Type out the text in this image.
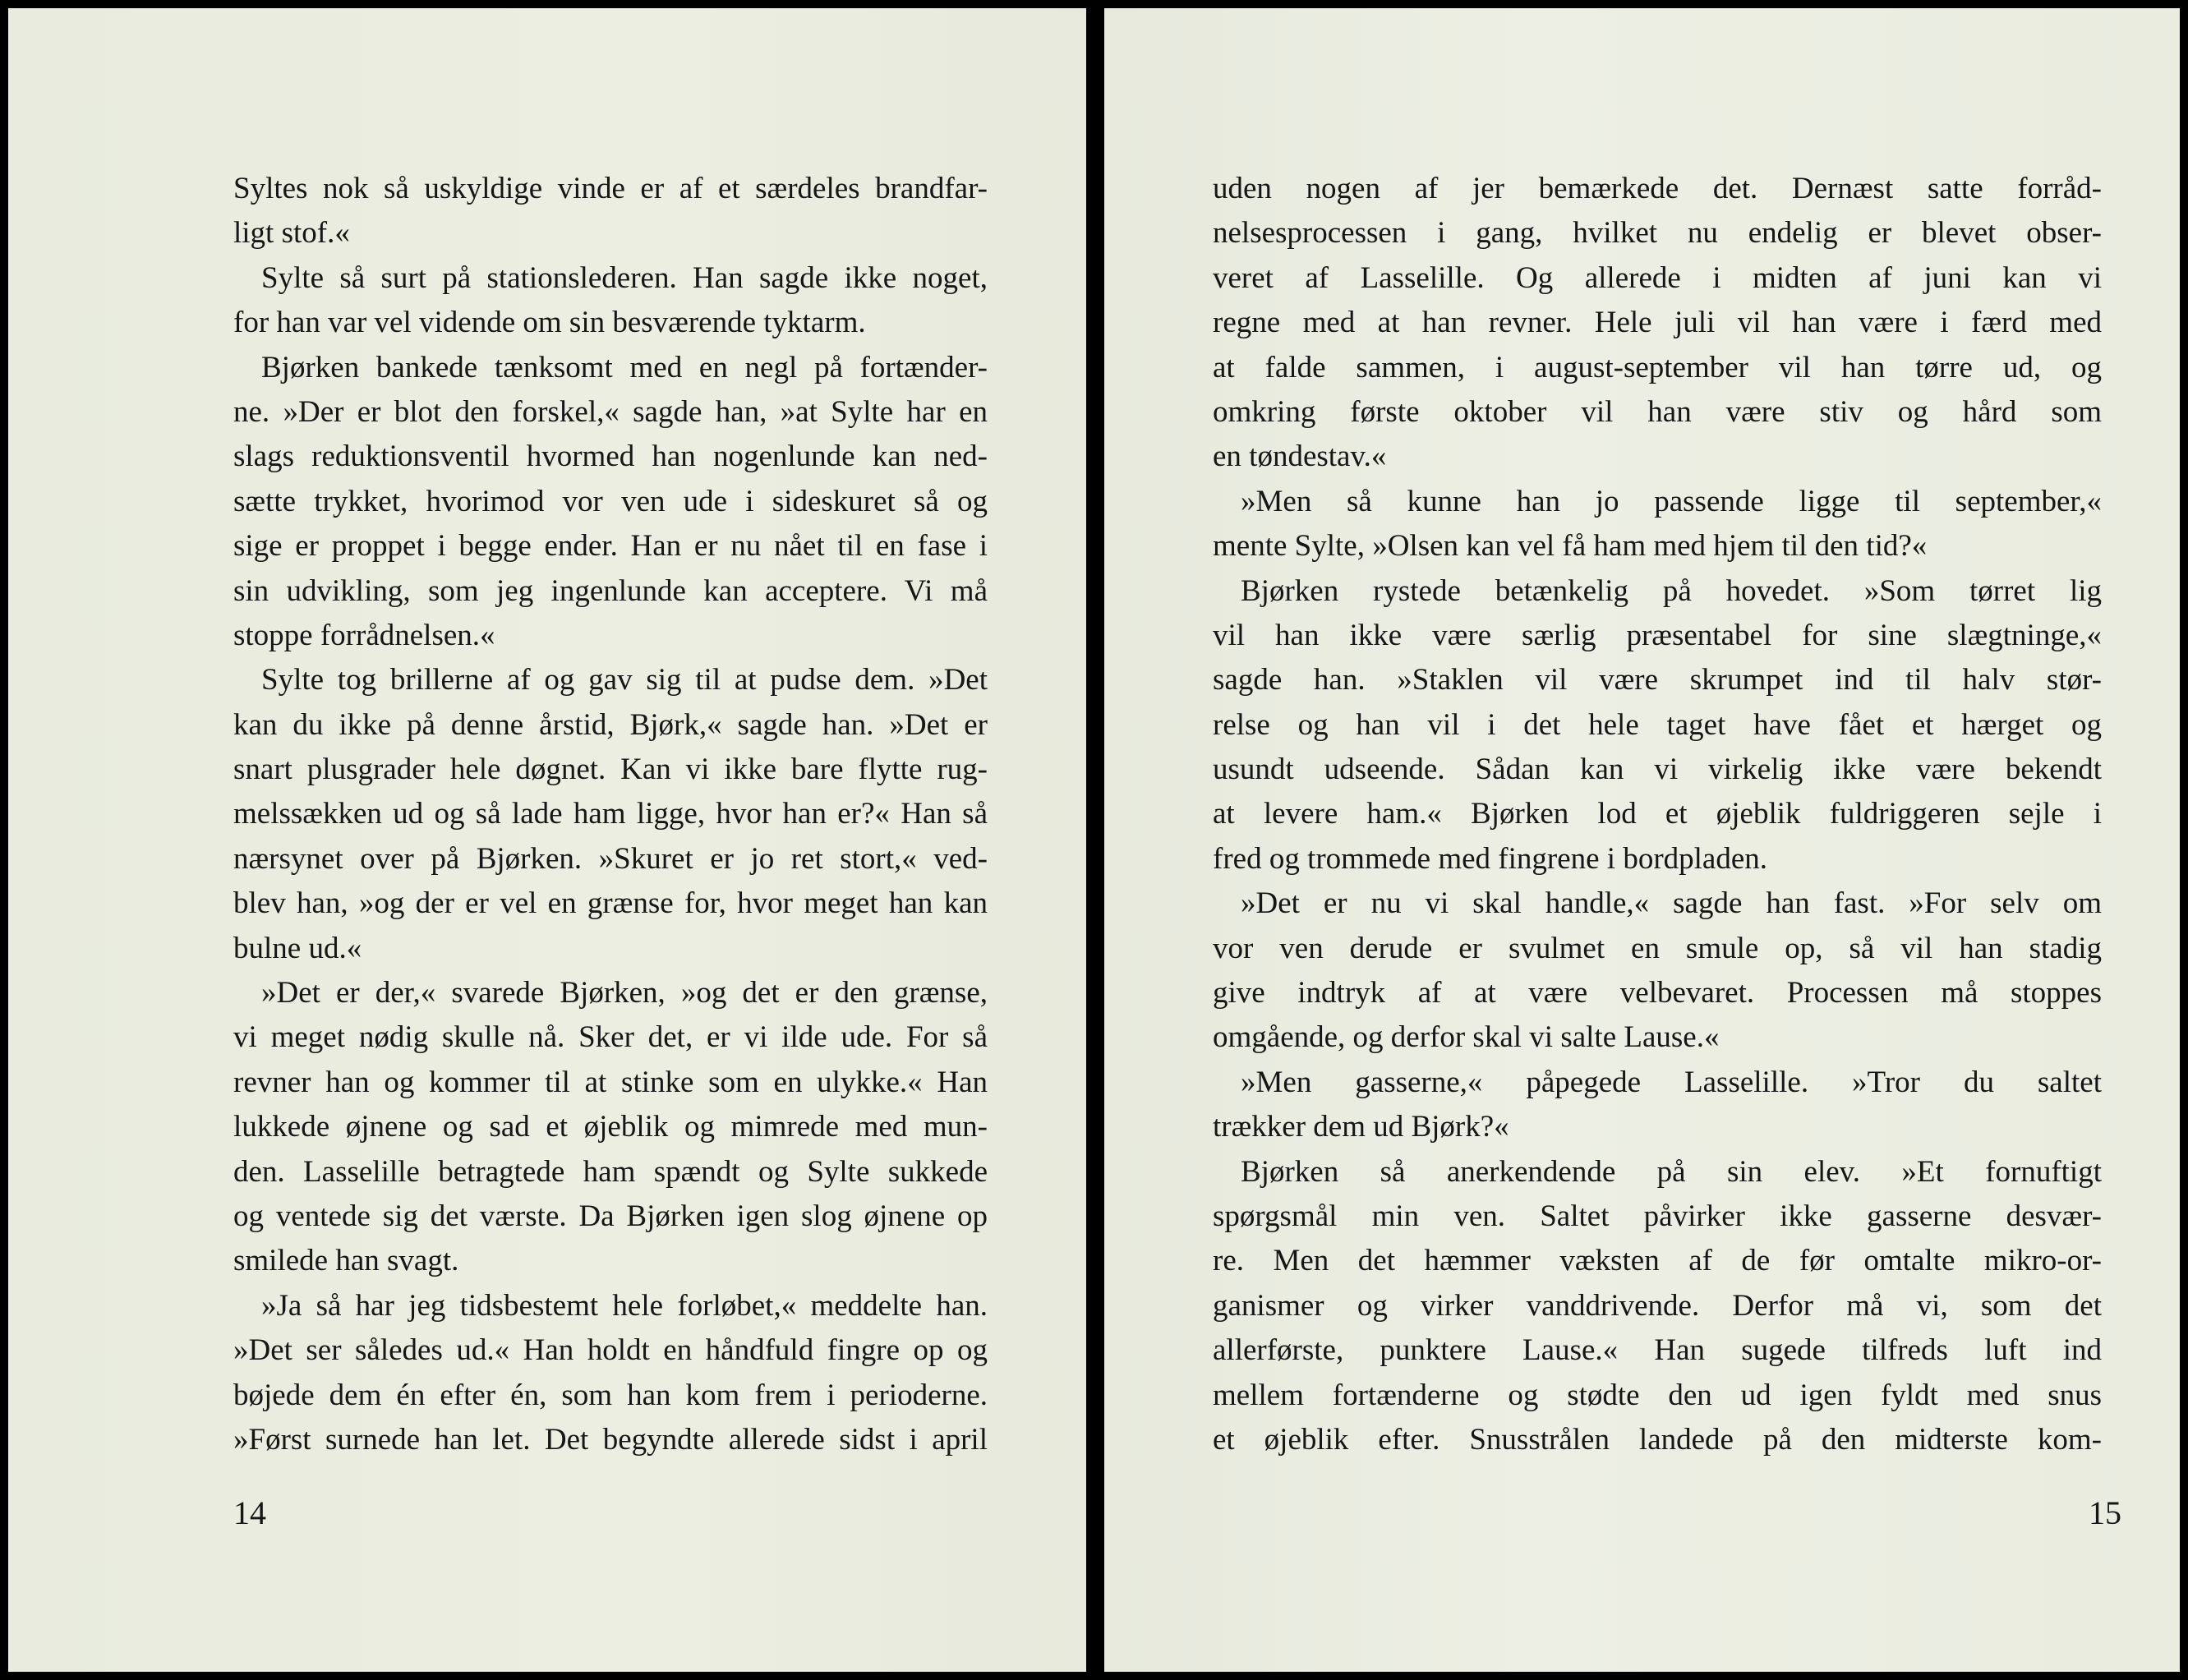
Syltes nok så uskyldige vinde er af et særdeles brandfar-
ligt stof.«
Sylte så surt på stationslederen. Han sagde ikke noget,
for han var vel vidende om sin besværende tyktarm.
Bjørken bankede tænksomt med en negl på fortænder-
ne. »Der er blot den forskel,« sagde han, »at Sylte har en
slags reduktionsventil hvormed han nogenlunde kan ned-
sætte trykket, hvorimod vor ven ude i sideskuret så og
sige er proppet i begge ender. Han er nu nået til en fase i
sin udvikling, som jeg ingenlunde kan acceptere. Vi må
stoppe forrådnelsen.«
Sylte tog brillerne af og gav sig til at pudse dem. »Det
kan du ikke på denne årstid, Bjørk,« sagde han. »Det er
snart plusgrader hele døgnet. Kan vi ikke bare flytte rug-
melssækken ud og så lade ham ligge, hvor han er?« Han så
nærsynet over på Bjørken. »Skuret er jo ret stort,« ved-
blev han, »og der er vel en grænse for, hvor meget han kan
bulne ud.«
»Det er der,« svarede Bjørken, »og det er den grænse,
vi meget nødig skulle nå. Sker det, er vi ilde ude. For så
revner han og kommer til at stinke som en ulykke.« Han
lukkede øjnene og sad et øjeblik og mimrede med mun-
den. Lasselille betragtede ham spændt og Sylte sukkede
og ventede sig det værste. Da Bjørken igen slog øjnene op
smilede han svagt.
»Ja så har jeg tidsbestemt hele forløbet,« meddelte han.
»Det ser således ud.« Han holdt en håndfuld fingre op og
bøjede dem én efter én, som han kom frem i perioderne.
»Først surnede han let. Det begyndte allerede sidst i april
14
uden nogen af jer bemærkede det. Dernæst satte forråd-
nelsesprocessen i gang, hvilket nu endelig er blevet obser-
veret af Lasselille. Og allerede i midten af juni kan vi
regne med at han revner. Hele juli vil han være i færd med
at falde sammen, i august-september vil han tørre ud, og
omkring første oktober vil han være stiv og hård som
en tøndestav.«
»Men så kunne han jo passende ligge til september,«
mente Sylte, »Olsen kan vel få ham med hjem til den tid?«
Bjørken rystede betænkelig på hovedet. »Som tørret lig
vil han ikke være særlig præsentabel for sine slægtninge,«
sagde han. »Staklen vil være skrumpet ind til halv stør-
relse og han vil i det hele taget have fået et hærget og
usundt udseende. Sådan kan vi virkelig ikke være bekendt
at levere ham.« Bjørken lod et øjeblik fuldriggeren sejle i
fred og trommede med fingrene i bordpladen.
»Det er nu vi skal handle,« sagde han fast. »For selv om
vor ven derude er svulmet en smule op, så vil han stadig
give indtryk af at være velbevaret. Processen må stoppes
omgående, og derfor skal vi salte Lause.«
»Men gasserne,« påpegede Lasselille. »Tror du saltet
trækker dem ud Bjørk?«
Bjørken så anerkendende på sin elev. »Et fornuftigt
spørgsmål min ven. Saltet påvirker ikke gasserne desvær-
re. Men det hæmmer væksten af de før omtalte mikro-or-
ganismer og virker vanddrivende. Derfor må vi, som det
allerførste, punktere Lause.« Han sugede tilfreds luft ind
mellem fortænderne og stødte den ud igen fyldt med snus
et øjeblik efter. Snusstrålen landede på den midterste kom-
15
